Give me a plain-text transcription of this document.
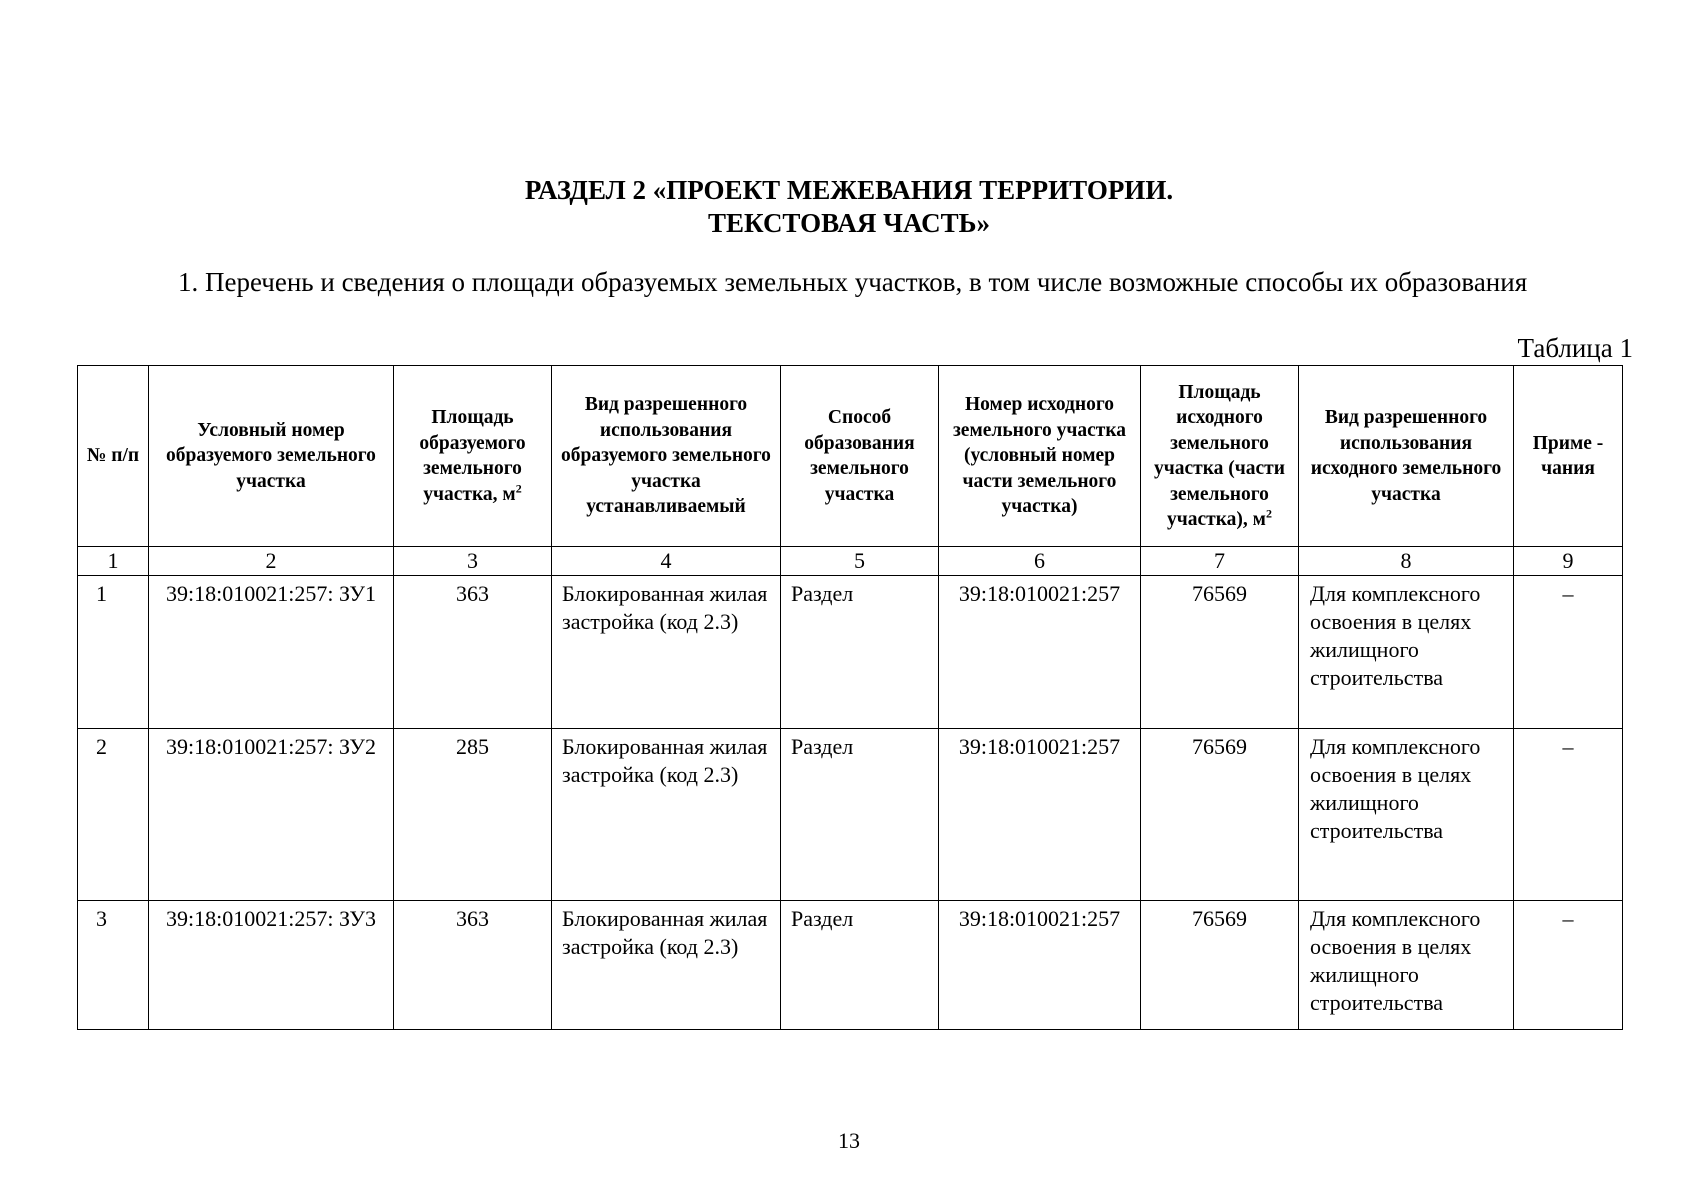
РАЗДЕЛ 2 «ПРОЕКТ МЕЖЕВАНИЯ ТЕРРИТОРИИ.
ТЕКСТОВАЯ ЧАСТЬ»
1. Перечень и сведения о площади образуемых земельных участков, в том числе возможные способы их образования
Таблица 1
№ п/п	Условный номер образуемого земельного участка	Площадь образуемого земельного участка, $м^2$	Вид разрешенного использования образуемого земельного участка устанавливаемый	Способ образования земельного участка	Номер исходного земельного участка (условный номер части земельного участка)	Площадь исходного земельного участка (части земельного участка), $м^2$	Вид разрешенного использования исходного земельного участка	Приме - чания
1	2	3	4	5	6	7	8	9
1	39:18:010021:257: ЗУ1	363	Блокированная жилая застройка (код 2.3)	Раздел	39:18:010021:257	76569	Для комплексного освоения в целях жилищного строительства	–
2	39:18:010021:257: ЗУ2	285	Блокированная жилая застройка (код 2.3)	Раздел	39:18:010021:257	76569	Для комплексного освоения в целях жилищного строительства	–
3	39:18:010021:257: ЗУ3	363	Блокированная жилая застройка (код 2.3)	Раздел	39:18:010021:257	76569	Для комплексного освоения в целях жилищного строительства	–
13
